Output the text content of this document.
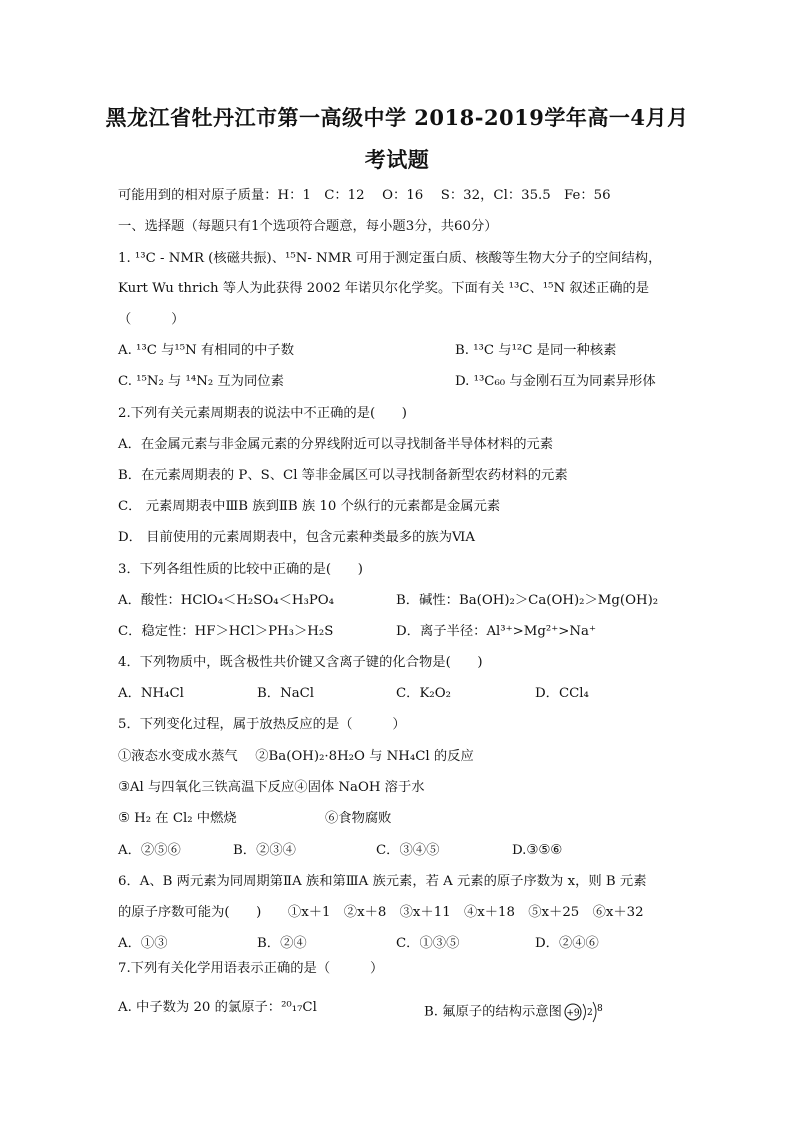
黑龙江省牡丹江市第一高级中学 2018-2019学年高一4月月
考试题
可能用到的相对原子质量：H：1　C：12　 O：16　 S：32，Cl：35.5　Fe：56
一、选择题（每题只有1个选项符合题意，每小题3分，共60分）
1. ¹³C - NMR (核磁共振)、¹⁵N- NMR 可用于测定蛋白质、核酸等生物大分子的空间结构，
Kurt Wu thrich 等人为此获得 2002 年诺贝尔化学奖。下面有关 ¹³C、¹⁵N 叙述正确的是
（　　　）
A. ¹³C 与¹⁵N 有相同的中子数	B. ¹³C 与¹²C 是同一种核素
C. ¹⁵N₂ 与 ¹⁴N₂ 互为同位素	D. ¹³C₆₀ 与金刚石互为同素异形体
2.下列有关元素周期表的说法中不正确的是(　　)
A．在金属元素与非金属元素的分界线附近可以寻找制备半导体材料的元素
B．在元素周期表的 P、S、Cl 等非金属区可以寻找制备新型农药材料的元素
C． 元素周期表中ⅢB 族到ⅡB 族 10 个纵行的元素都是金属元素
D． 目前使用的元素周期表中，包含元素种类最多的族为ⅥA
3．下列各组性质的比较中正确的是(　　)
A．酸性：HClO₄＜H₂SO₄＜H₃PO₄	B．碱性：Ba(OH)₂＞Ca(OH)₂＞Mg(OH)₂
C．稳定性：HF＞HCl＞PH₃＞H₂S	D．离子半径：Al³⁺>Mg²⁺>Na⁺
4．下列物质中，既含极性共价键又含离子键的化合物是(　　)
A．NH₄Cl	B．NaCl	C．K₂O₂	D．CCl₄
5．下列变化过程，属于放热反应的是（　　　）
①液态水变成水蒸气　 ②Ba(OH)₂·8H₂O 与 NH₄Cl 的反应
③Al 与四氧化三铁高温下反应④固体 NaOH 溶于水
⑤ H₂ 在 Cl₂ 中燃烧	⑥食物腐败
A．②⑤⑥	B．②③④	C．③④⑤	D.③⑤⑥
6．A、B 两元素为同周期第ⅡA 族和第ⅢA 族元素，若 A 元素的原子序数为 x，则 B 元素
的原子序数可能为(　　)　　①x＋1　②x＋8　③x＋11　④x＋18　⑤x＋25　⑥x＋32
A．①③	B．②④	C．①③⑤	D．②④⑥
7.下列有关化学用语表示正确的是（　　　）
A. 中子数为 20 的氯原子：²⁰₁₇Cl	B. 氟原子的结构示意图 +9 2 8
